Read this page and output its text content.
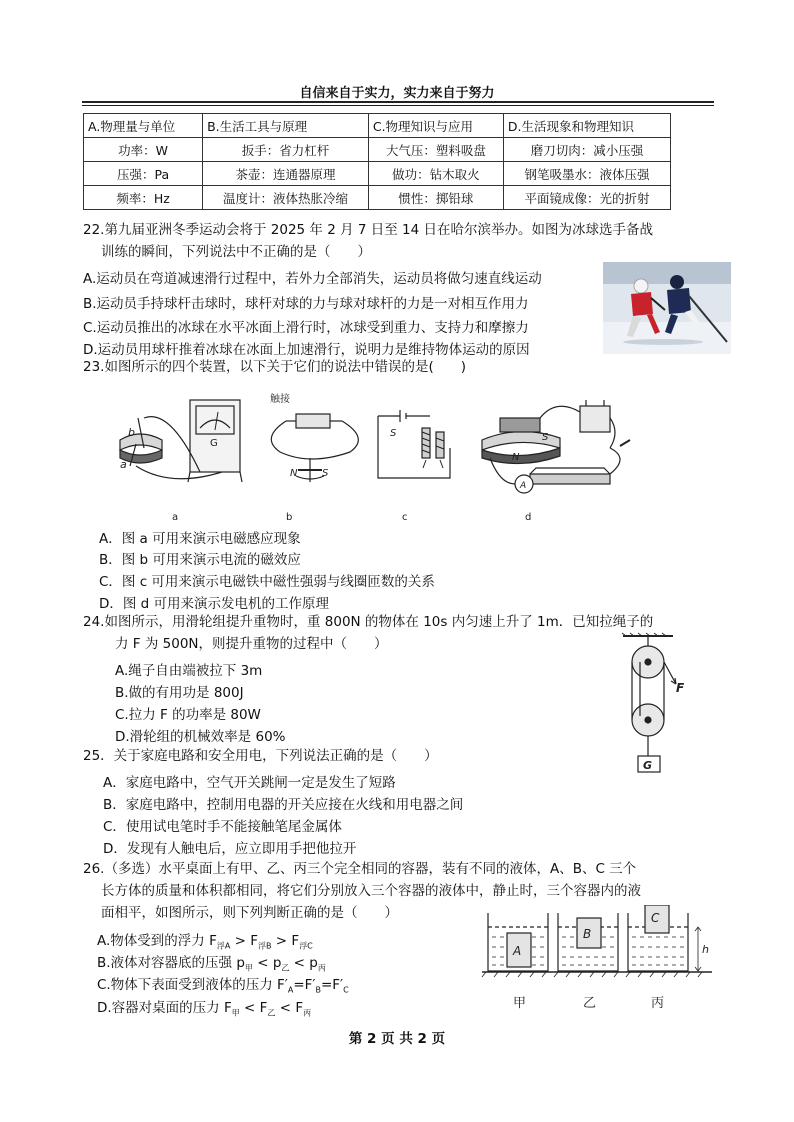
自信来自于实力，实力来自于努力
A.物理量与单位	B.生活工具与原理	C.物理知识与应用	D.生活现象和物理知识
功率：W	扳手：省力杠杆	大气压：塑料吸盘	磨刀切肉：减小压强
压强：Pa	茶壶：连通器原理	做功：钻木取火	钢笔吸墨水：液体压强
频率：Hz	温度计：液体热胀冷缩	惯性：掷铅球	平面镜成像：光的折射
22.第九届亚洲冬季运动会将于 2025 年 2 月 7 日至 14 日在哈尔滨举办。如图为冰球选手备战
训练的瞬间，下列说法中不正确的是（　　）
A.运动员在弯道减速滑行过程中，若外力全部消失，运动员将做匀速直线运动
B.运动员手持球杆击球时，球杆对球的力与球对球杆的力是一对相互作用力
C.运动员推出的冰球在水平冰面上滑行时，冰球受到重力、支持力和摩擦力
D.运动员用球杆推着冰球在冰面上加速滑行，说明力是维持物体运动的原因
23.如图所示的四个装置，以下关于它们的说法中错误的是(　　)
b
a
G
触接
N S
S	S
N
A
a	b	c	d
A．图 a 可用来演示电磁感应现象
B．图 b 可用来演示电流的磁效应
C．图 c 可用来演示电磁铁中磁性强弱与线圈匝数的关系
D．图 d 可用来演示发电机的工作原理
24.如图所示，用滑轮组提升重物时，重 800N 的物体在 10s 内匀速上升了 1m．已知拉绳子的
力 F 为 500N，则提升重物的过程中（　　）
A.绳子自由端被拉下 3m
B.做的有用功是 800J
C.拉力 F 的功率是 80W
D.滑轮组的机械效率是 60%
F
G
25．关于家庭电路和安全用电，下列说法正确的是（　　）
A．家庭电路中，空气开关跳闸一定是发生了短路
B．家庭电路中，控制用电器的开关应接在火线和用电器之间
C．使用试电笔时手不能接触笔尾金属体
D．发现有人触电后，应立即用手把他拉开
26.（多选）水平桌面上有甲、乙、丙三个完全相同的容器，装有不同的液体，A、B、C 三个
长方体的质量和体积都相同，将它们分别放入三个容器的液体中，静止时，三个容器内的液
面相平，如图所示，则下列判断正确的是（　　）
A.物体受到的浮力 $F_{浮A} > F_{浮B} > F_{浮C}$
B.液体对容器底的压强 $p_甲 < p_乙 < p_丙$
C.物体下表面受到液体的压力 $F'_A=F'_B=F'_C$
D.容器对桌面的压力 $F_甲 < F_乙 < F_丙$
A
B
C
h
甲	乙	丙
第 2 页 共 2 页
